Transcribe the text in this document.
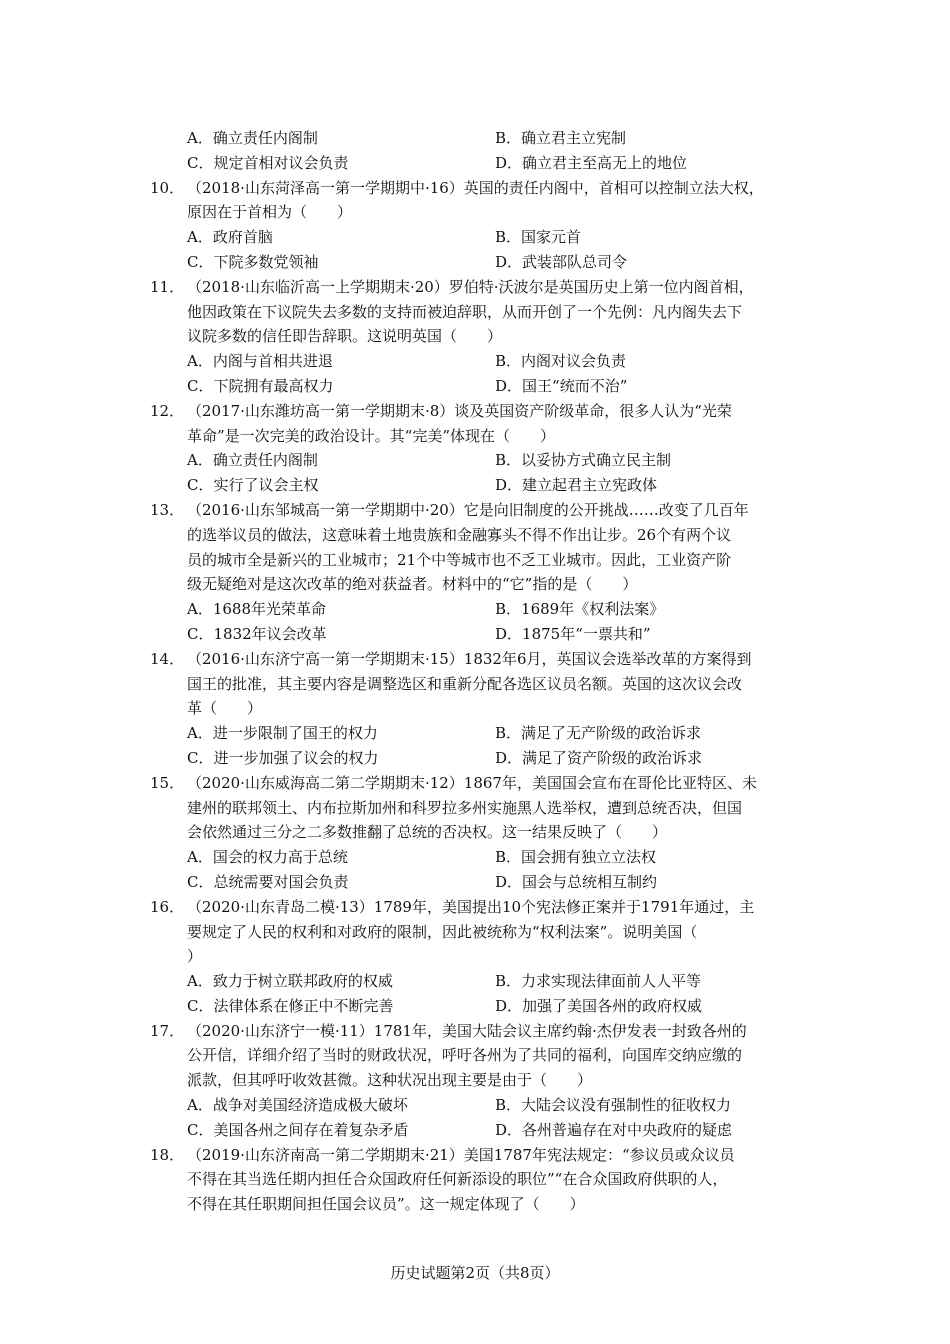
A．确立责任内阁制	B．确立君主立宪制
C．规定首相对议会负责	D．确立君主至高无上的地位
10． （2018·山东菏泽高一第一学期期中·16）英国的责任内阁中，首相可以控制立法大权，
原因在于首相为（　　）
A．政府首脑	B．国家元首
C．下院多数党领袖	D．武装部队总司令
11． （2018·山东临沂高一上学期期末·20）罗伯特·沃波尔是英国历史上第一位内阁首相，
他因政策在下议院失去多数的支持而被迫辞职，从而开创了一个先例：凡内阁失去下
议院多数的信任即告辞职。这说明英国（　　）
A．内阁与首相共进退	B．内阁对议会负责
C．下院拥有最高权力	D．国王“统而不治”
12． （2017·山东潍坊高一第一学期期末·8）谈及英国资产阶级革命，很多人认为“光荣
革命”是一次完美的政治设计。其“完美”体现在（　　）
A．确立责任内阁制	B．以妥协方式确立民主制
C．实行了议会主权	D．建立起君主立宪政体
13． （2016·山东邹城高一第一学期期中·20）它是向旧制度的公开挑战……改变了几百年
的选举议员的做法，这意味着土地贵族和金融寡头不得不作出让步。26个有两个议
员的城市全是新兴的工业城市；21个中等城市也不乏工业城市。因此，工业资产阶
级无疑绝对是这次改革的绝对获益者。材料中的“它”指的是（　　）
A．1688年光荣革命	B．1689年《权利法案》
C．1832年议会改革	D．1875年“一票共和”
14． （2016·山东济宁高一第一学期期末·15）1832年6月，英国议会选举改革的方案得到
国王的批准，其主要内容是调整选区和重新分配各选区议员名额。英国的这次议会改
革（　　）
A．进一步限制了国王的权力	B．满足了无产阶级的政治诉求
C．进一步加强了议会的权力	D．满足了资产阶级的政治诉求
15． （2020·山东威海高二第二学期期末·12）1867年，美国国会宣布在哥伦比亚特区、未
建州的联邦领土、内布拉斯加州和科罗拉多州实施黑人选举权，遭到总统否决，但国
会依然通过三分之二多数推翻了总统的否决权。这一结果反映了（　　）
A．国会的权力高于总统	B．国会拥有独立立法权
C．总统需要对国会负责	D．国会与总统相互制约
16． （2020·山东青岛二模·13）1789年，美国提出10个宪法修正案并于1791年通过，主
要规定了人民的权利和对政府的限制，因此被统称为“权利法案”。说明美国（
）
A．致力于树立联邦政府的权威	B．力求实现法律面前人人平等
C．法律体系在修正中不断完善	D．加强了美国各州的政府权威
17． （2020·山东济宁一模·11）1781年，美国大陆会议主席约翰·杰伊发表一封致各州的
公开信，详细介绍了当时的财政状况，呼吁各州为了共同的福利，向国库交纳应缴的
派款，但其呼吁收效甚微。这种状况出现主要是由于（　　）
A．战争对美国经济造成极大破坏	B．大陆会议没有强制性的征收权力
C．美国各州之间存在着复杂矛盾	D．各州普遍存在对中央政府的疑虑
18． （2019·山东济南高一第二学期期末·21）美国1787年宪法规定：“参议员或众议员
不得在其当选任期内担任合众国政府任何新添设的职位”“在合众国政府供职的人，
不得在其任职期间担任国会议员”。这一规定体现了（　　）
历史试题第2页（共8页）
